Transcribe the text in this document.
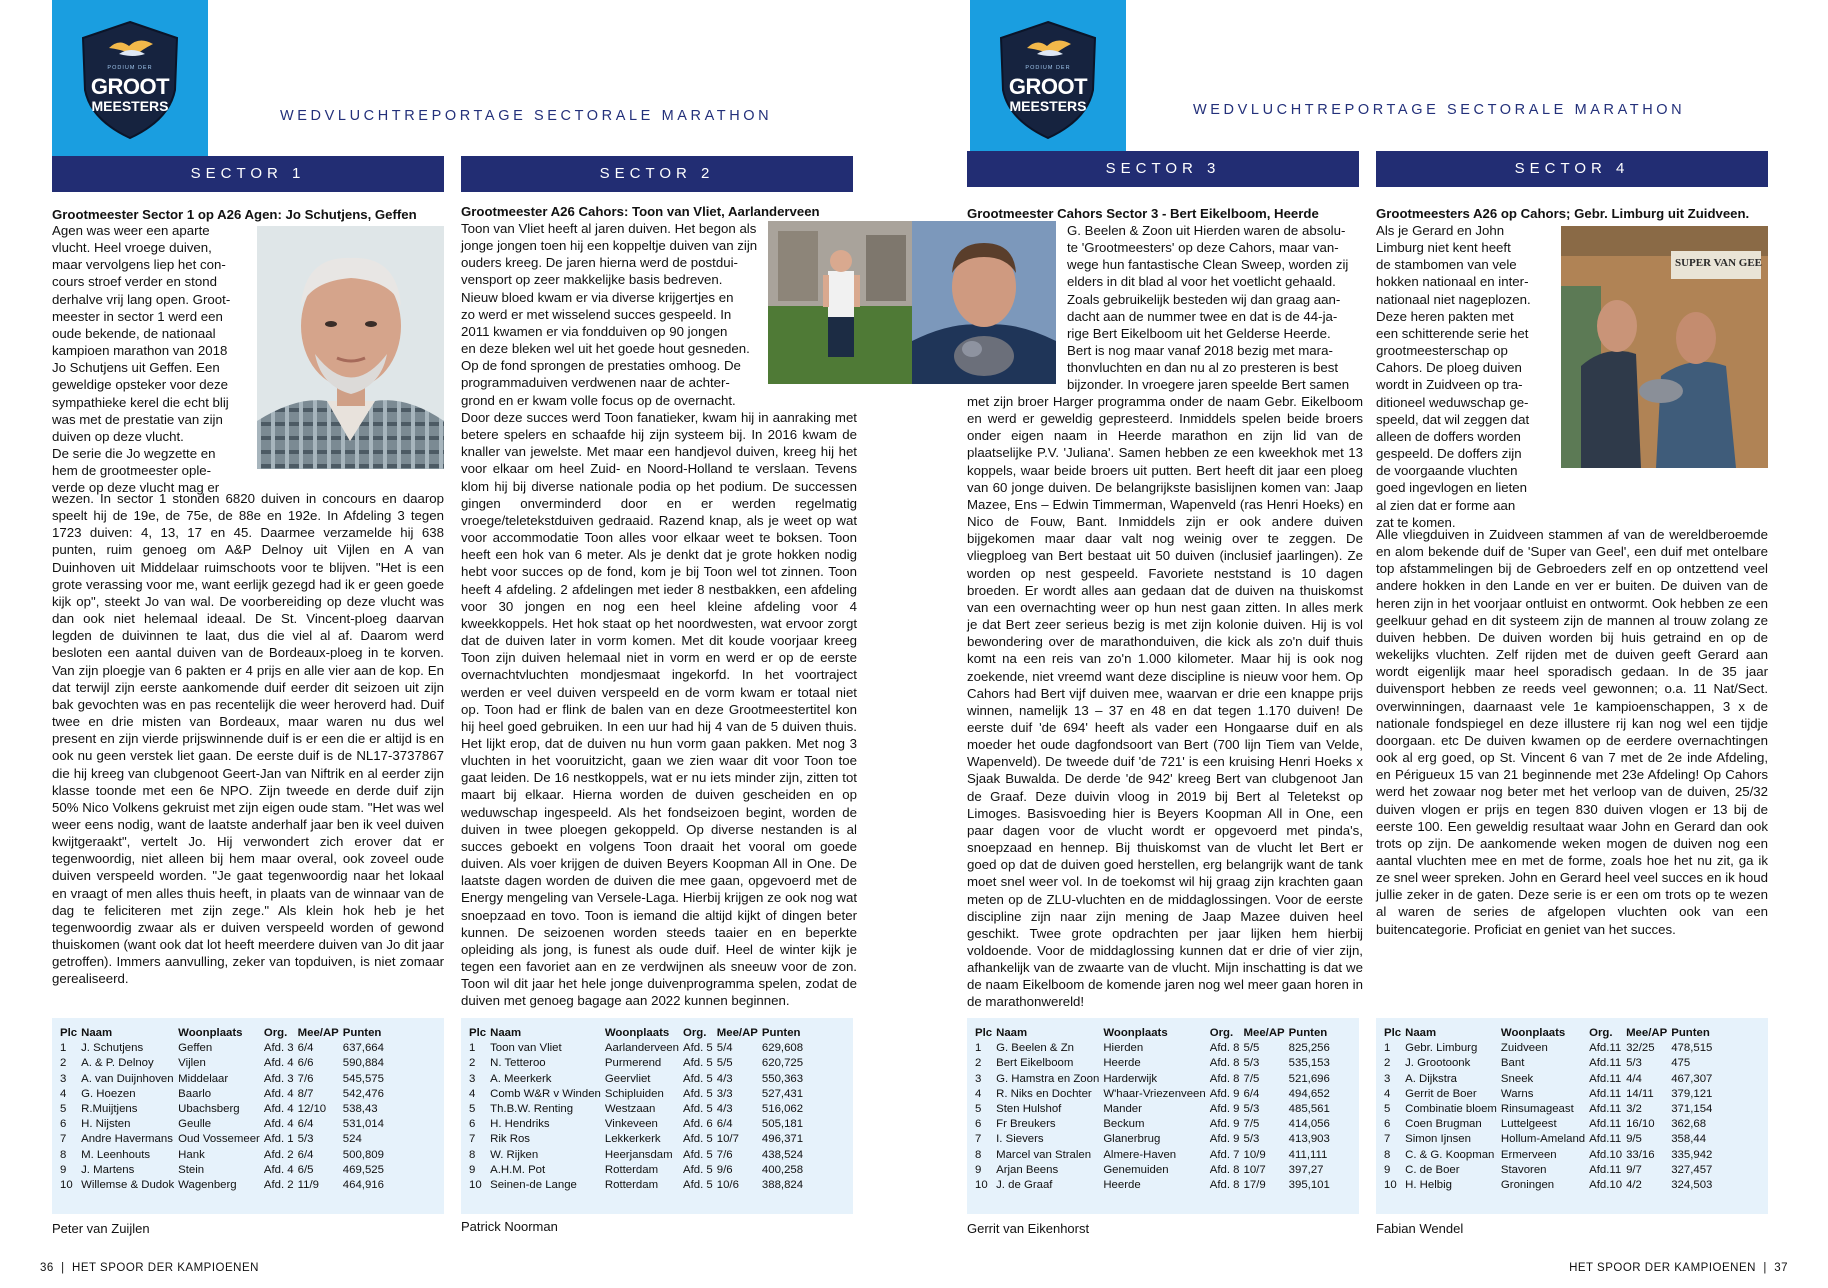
PODIUM DER
GROOT
MEESTERS
WEDVLUCHTREPORTAGE SECTORALE MARATHON
PODIUM DER
GROOT
MEESTERS	WEDVLUCHTREPORTAGE SECTORALE MARATHON
SECTOR 1	SECTOR 2	SECTOR 3	SECTOR 4
Grootmeester Sector 1 op A26 Agen: Jo Schutjens, Geffen	Grootmeester A26 Cahors: Toon van Vliet, Aarlanderveen	Grootmeester Cahors Sector 3 - Bert Eikelboom, Heerde	Grootmeesters A26 op Cahors; Gebr. Limburg uit Zuidveen.
SUPER VAN GEE
Agen was weer een aparte
vlucht. Heel vroege duiven,
maar vervolgens liep het con-
cours stroef verder en stond
derhalve vrij lang open. Groot-
meester in sector 1 werd een
oude bekende, de nationaal
kampioen marathon van 2018
Jo Schutjens uit Geffen. Een
geweldige opsteker voor deze
sympathieke kerel die echt blij
was met de prestatie van zijn
duiven op deze vlucht.
De serie die Jo wegzette en
hem de grootmeester ople-
verde op deze vlucht mag er
wezen. In sector 1 stonden 6820 duiven in concours en daarop speelt hij de 19e, de 75e, de 88e en 192e. In Afdeling 3 tegen 1723 duiven: 4, 13, 17 en 45. Daarmee verzamelde hij 638 punten, ruim genoeg om A&P Delnoy uit Vijlen en A van Duinhoven uit Middelaar ruimschoots voor te blijven. "Het is een grote verassing voor me, want eerlijk gezegd had ik er geen goede kijk op", steekt Jo van wal. De voorbereiding op deze vlucht was dan ook niet helemaal ideaal. De St. Vincent-ploeg daarvan legden de duivinnen te laat, dus die viel al af. Daarom werd besloten een aantal duiven van de Bordeaux-ploeg in te korven. Van zijn ploegje van 6 pakten er 4 prijs en alle vier aan de kop. En dat terwijl zijn eerste aankomende duif eerder dit seizoen uit zijn bak gevochten was en pas recentelijk die weer heroverd had. Duif twee en drie misten van Bordeaux, maar waren nu dus wel present en zijn vierde prijswinnende duif is er een die er altijd is en ook nu geen verstek liet gaan. De eerste duif is de NL17-3737867 die hij kreeg van clubgenoot Geert-Jan van Niftrik en al eerder zijn klasse toonde met een 6e NPO. Zijn tweede en derde duif zijn 50% Nico Volkens gekruist met zijn eigen oude stam. "Het was wel weer eens nodig, want de laatste anderhalf jaar ben ik veel duiven kwijtgeraakt", vertelt Jo. Hij verwondert zich erover dat er tegenwoordig, niet alleen bij hem maar overal, ook zoveel oude duiven verspeeld worden. "Je gaat tegenwoordig naar het lokaal en vraagt of men alles thuis heeft, in plaats van de winnaar van de dag te feliciteren met zijn zege." Als klein hok heb je het tegenwoordig zwaar als er duiven verspeeld worden of gewond thuiskomen (want ook dat lot heeft meerdere duiven van Jo dit jaar getroffen). Immers aanvulling, zeker van topduiven, is niet zomaar gerealiseerd.
Toon van Vliet heeft al jaren duiven. Het begon als
jonge jongen toen hij een koppeltje duiven van zijn
ouders kreeg. De jaren hierna werd de postdui-
vensport op zeer makkelijke basis bedreven.
Nieuw bloed kwam er via diverse krijgertjes en
zo werd er met wisselend succes gespeeld. In
2011 kwamen er via fondduiven op 90 jongen
en deze bleken wel uit het goede hout gesneden.
Op de fond sprongen de prestaties omhoog. De
programmaduiven verdwenen naar de achter-
grond en er kwam volle focus op de overnacht.
Door deze succes werd Toon fanatieker, kwam hij in aanraking met betere spelers en schaafde hij zijn systeem bij. In 2016 kwam de knaller van jewelste. Met maar een handjevol duiven, kreeg hij het voor elkaar om heel Zuid- en Noord-Holland te verslaan. Tevens klom hij bij diverse nationale podia op het podium. De successen gingen onverminderd door en er werden regelmatig vroege/teletekstduiven gedraaid. Razend knap, als je weet op wat voor accommodatie Toon alles voor elkaar weet te boksen. Toon heeft een hok van 6 meter. Als je denkt dat je grote hokken nodig hebt voor succes op de fond, kom je bij Toon wel tot zinnen. Toon heeft 4 afdeling. 2 afdelingen met ieder 8 nestbakken, een afdeling voor 30 jongen en nog een heel kleine afdeling voor 4 kweekkoppels. Het hok staat op het noordwesten, wat ervoor zorgt dat de duiven later in vorm komen. Met dit koude voorjaar kreeg Toon zijn duiven helemaal niet in vorm en werd er op de eerste overnachtvluchten mondjesmaat ingekorfd. In het voortraject werden er veel duiven verspeeld en de vorm kwam er totaal niet op. Toon had er flink de balen van en deze Grootmeestertitel kon hij heel goed gebruiken. In een uur had hij 4 van de 5 duiven thuis. Het lijkt erop, dat de duiven nu hun vorm gaan pakken. Met nog 3 vluchten in het vooruitzicht, gaan we zien waar dit voor Toon toe gaat leiden. De 16 nestkoppels, wat er nu iets minder zijn, zitten tot maart bij elkaar. Hierna worden de duiven gescheiden en op weduwschap ingespeeld. Als het fondseizoen begint, worden de duiven in twee ploegen gekoppeld. Op diverse nestanden is al succes geboekt en volgens Toon draait het vooral om goede duiven. Als voer krijgen de duiven Beyers Koopman All in One. De laatste dagen worden de duiven die mee gaan, opgevoerd met de Energy mengeling van Versele-Laga. Hierbij krijgen ze ook nog wat snoepzaad en tovo. Toon is iemand die altijd kijkt of dingen beter kunnen. De seizoenen worden steeds taaier en en beperkte opleiding als jong, is funest als oude duif. Heel de winter kijk je tegen een favoriet aan en ze verdwijnen als sneeuw voor de zon. Toon wil dit jaar het hele jonge duivenprogramma spelen, zodat de duiven met genoeg bagage aan 2022 kunnen beginnen.
G. Beelen & Zoon uit Hierden waren de absolu-
te 'Grootmeesters' op deze Cahors, maar van-
wege hun fantastische Clean Sweep, worden zij
elders in dit blad al voor het voetlicht gehaald.
Zoals gebruikelijk besteden wij dan graag aan-
dacht aan de nummer twee en dat is de 44-ja-
rige Bert Eikelboom uit het Gelderse Heerde.
Bert is nog maar vanaf 2018 bezig met mara-
thonvluchten en dan nu al zo presteren is best
bijzonder. In vroegere jaren speelde Bert samen
met zijn broer Harger programma onder de naam Gebr. Eikelboom en werd er geweldig gepresteerd. Inmiddels spelen beide broers onder eigen naam in Heerde marathon en zijn lid van de plaatselijke P.V. 'Juliana'. Samen hebben ze een kweekhok met 13 koppels, waar beide broers uit putten. Bert heeft dit jaar een ploeg van 60 jonge duiven. De belangrijkste basislijnen komen van: Jaap Mazee, Ens – Edwin Timmerman, Wapenveld (ras Henri Hoeks) en Nico de Fouw, Bant. Inmiddels zijn er ook andere duiven bijgekomen maar daar valt nog weinig over te zeggen. De vliegploeg van Bert bestaat uit 50 duiven (inclusief jaarlingen). Ze worden op nest gespeeld. Favoriete neststand is 10 dagen broeden. Er wordt alles aan gedaan dat de duiven na thuiskomst van een overnachting weer op hun nest gaan zitten. In alles merk je dat Bert zeer serieus bezig is met zijn kolonie duiven. Hij is vol bewondering over de marathonduiven, die kick als zo'n duif thuis komt na een reis van zo'n 1.000 kilometer. Maar hij is ook nog zoekende, niet vreemd want deze discipline is nieuw voor hem. Op Cahors had Bert vijf duiven mee, waarvan er drie een knappe prijs winnen, namelijk 13 – 37 en 48 en dat tegen 1.170 duiven! De eerste duif 'de 694' heeft als vader een Hongaarse duif en als moeder het oude dagfondsoort van Bert (700 lijn Tiem van Velde, Wapenveld). De tweede duif 'de 721' is een kruising Henri Hoeks x Sjaak Buwalda. De derde 'de 942' kreeg Bert van clubgenoot Jan de Graaf. Deze duivin vloog in 2019 bij Bert al Teletekst op Limoges. Basisvoeding hier is Beyers Koopman All in One, een paar dagen voor de vlucht wordt er opgevoerd met pinda's, snoepzaad en hennep. Bij thuiskomst van de vlucht let Bert er goed op dat de duiven goed herstellen, erg belangrijk want de tank moet snel weer vol. In de toekomst wil hij graag zijn krachten gaan meten op de ZLU-vluchten en de middaglossingen. Voor de eerste discipline zijn naar zijn mening de Jaap Mazee duiven heel geschikt. Twee grote opdrachten per jaar lijken hem hierbij voldoende. Voor de middaglossing kunnen dat er drie of vier zijn, afhankelijk van de zwaarte van de vlucht. Mijn inschatting is dat we de naam Eikelboom de komende jaren nog wel meer gaan horen in de marathonwereld!
Als je Gerard en John
Limburg niet kent heeft
de stambomen van vele
hokken nationaal en inter-
nationaal niet nageplozen.
Deze heren pakten met
een schitterende serie het
grootmeesterschap op
Cahors. De ploeg duiven
wordt in Zuidveen op tra-
ditioneel weduwschap ge-
speeld, dat wil zeggen dat
alleen de doffers worden
gespeeld. De doffers zijn
de voorgaande vluchten
goed ingevlogen en lieten
al zien dat er forme aan
zat te komen.
Alle vliegduiven in Zuidveen stammen af van de wereldberoemde en alom bekende duif de 'Super van Geel', een duif met ontelbare top afstammelingen bij de Gebroeders zelf en op ontzettend veel andere hokken in den Lande en ver er buiten. De duiven van de heren zijn in het voorjaar ontluist en ontwormt. Ook hebben ze een geelkuur gehad en dit systeem zijn de mannen al trouw zolang ze duiven hebben. De duiven worden bij huis getraind en op de wekelijks vluchten. Zelf rijden met de duiven geeft Gerard aan wordt eigenlijk maar heel sporadisch gedaan. In de 35 jaar duivensport hebben ze reeds veel gewonnen; o.a. 11 Nat/Sect. overwinningen, daarnaast vele 1e kampioenschappen, 3 x de nationale fondspiegel en deze illustere rij kan nog wel een tijdje doorgaan. etc De duiven kwamen op de eerdere overnachtingen ook al erg goed, op St. Vincent 6 van 7 met de 2e inde Afdeling, en Périgueux 15 van 21 beginnende met 23e Afdeling! Op Cahors werd het zowaar nog beter met het verloop van de duiven, 25/32 duiven vlogen er prijs en tegen 830 duiven vlogen er 13 bij de eerste 100. Een geweldig resultaat waar John en Gerard dan ook trots op zijn. De aankomende weken mogen de duiven nog een aantal vluchten mee en met de forme, zoals hoe het nu zit, ga ik ze snel weer spreken. John en Gerard heel veel succes en ik houd jullie zeker in de gaten. Deze serie is er een om trots op te wezen al waren de series de afgelopen vluchten ook van een buitencategorie. Proficiat en geniet van het succes.
Plc	Naam	Woonplaats	Org.	Mee/AP	Punten
1	J. Schutjens	Geffen	Afd. 3	6/4	637,664
2	A. & P. Delnoy	Vijlen	Afd. 4	6/6	590,884
3	A. van Duijnhoven	Middelaar	Afd. 3	7/6	545,575
4	G. Hoezen	Baarlo	Afd. 4	8/7	542,476
5	R.Muijtjens	Ubachsberg	Afd. 4	12/10	538,43
6	H. Nijsten	Geulle	Afd. 4	6/4	531,014
7	Andre Havermans	Oud Vossemeer	Afd. 1	5/3	524
8	M. Leenhouts	Hank	Afd. 2	6/4	500,809
9	J. Martens	Stein	Afd. 4	6/5	469,525
10	Willemse & Dudok	Wagenberg	Afd. 2	11/9	464,916
Plc	Naam	Woonplaats	Org.	Mee/AP	Punten
1	Toon van Vliet	Aarlanderveen	Afd. 5	5/4	629,608
2	N. Tetteroo	Purmerend	Afd. 5	5/5	620,725
3	A. Meerkerk	Geervliet	Afd. 5	4/3	550,363
4	Comb W&R v Winden	Schipluiden	Afd. 5	3/3	527,431
5	Th.B.W. Renting	Westzaan	Afd. 5	4/3	516,062
6	H. Hendriks	Vinkeveen	Afd. 6	6/4	505,181
7	Rik Ros	Lekkerkerk	Afd. 5	10/7	496,371
8	W. Rijken	Heerjansdam	Afd. 5	7/6	438,524
9	A.H.M. Pot	Rotterdam	Afd. 5	9/6	400,258
10	Seinen-de Lange	Rotterdam	Afd. 5	10/6	388,824
Plc	Naam	Woonplaats	Org.	Mee/AP	Punten
1	G. Beelen & Zn	Hierden	Afd. 8	5/5	825,256
2	Bert Eikelboom	Heerde	Afd. 8	5/3	535,153
3	G. Hamstra en Zoon	Harderwijk	Afd. 8	7/5	521,696
4	R. Niks en Dochter	W'haar-Vriezenveen	Afd. 9	6/4	494,652
5	Sten Hulshof	Mander	Afd. 9	5/3	485,561
6	Fr Breukers	Beckum	Afd. 9	7/5	414,056
7	I. Sievers	Glanerbrug	Afd. 9	5/3	413,903
8	Marcel van Stralen	Almere-Haven	Afd. 7	10/9	411,111
9	Arjan Beens	Genemuiden	Afd. 8	10/7	397,27
10	J. de Graaf	Heerde	Afd. 8	17/9	395,101
Plc	Naam	Woonplaats	Org.	Mee/AP	Punten
1	Gebr. Limburg	Zuidveen	Afd.11	32/25	478,515
2	J. Grootoonk	Bant	Afd.11	5/3	475
3	A. Dijkstra	Sneek	Afd.11	4/4	467,307
4	Gerrit de Boer	Warns	Afd.11	14/11	379,121
5	Combinatie bloem	Rinsumageast	Afd.11	3/2	371,154
6	Coen Brugman	Luttelgeest	Afd.11	16/10	362,68
7	Simon Ijnsen	Hollum-Ameland	Afd.11	9/5	358,44
8	C. & G. Koopman	Ermerveen	Afd.10	33/16	335,942
9	C. de Boer	Stavoren	Afd.11	9/7	327,457
10	H. Helbig	Groningen	Afd.10	4/2	324,503
Peter van Zuijlen	Patrick Noorman	Gerrit van Eikenhorst	Fabian Wendel
36  |  HET SPOOR DER KAMPIOENEN	HET SPOOR DER KAMPIOENEN  |  37
